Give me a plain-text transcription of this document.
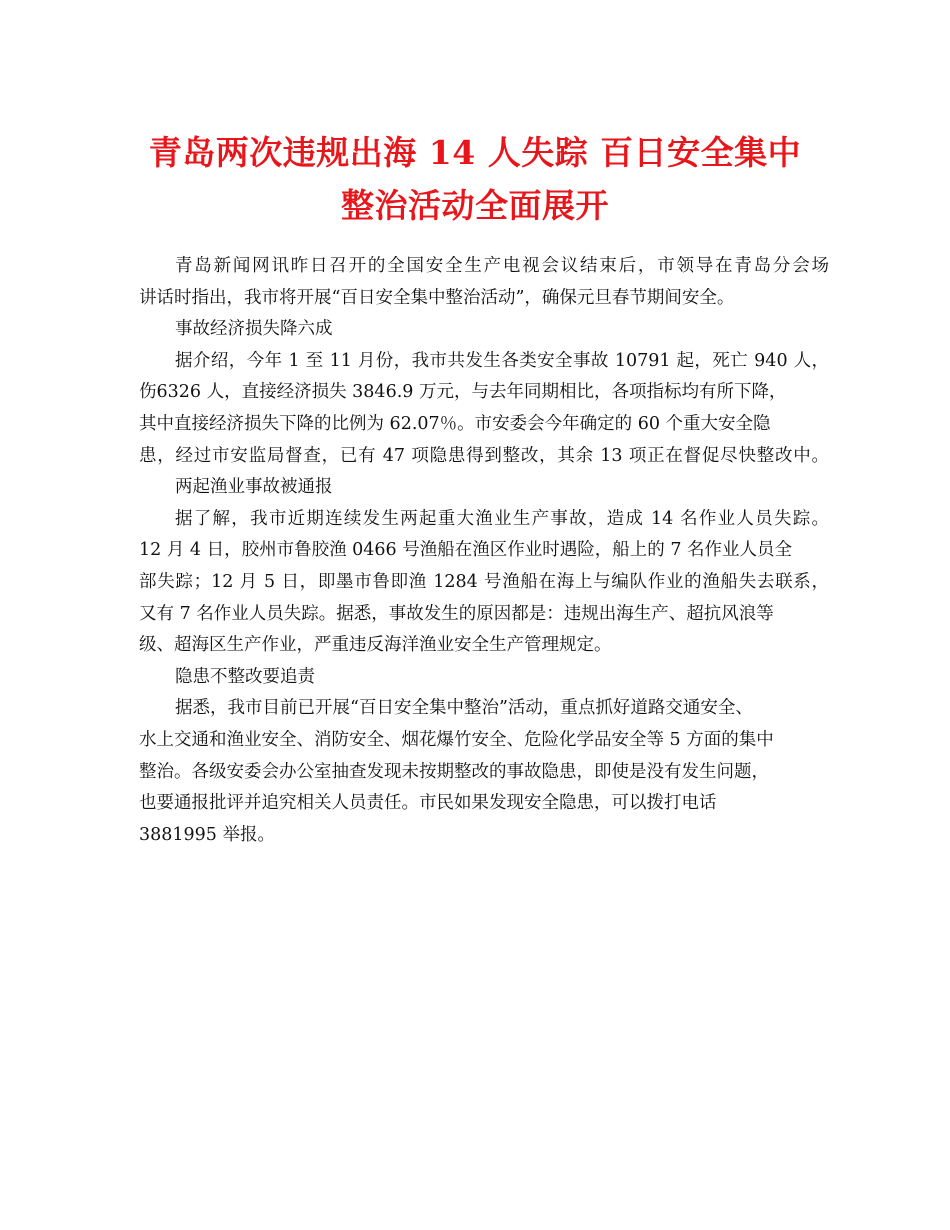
青岛两次违规出海 14 人失踪 百日安全集中
整治活动全面展开
青岛新闻网讯昨日召开的全国安全生产电视会议结束后，市领导在青岛分会场
讲话时指出，我市将开展“百日安全集中整治活动”，确保元旦春节期间安全。
事故经济损失降六成
据介绍，今年 1 至 11 月份，我市共发生各类安全事故 10791 起，死亡 940 人，
伤6326 人，直接经济损失 3846.9 万元，与去年同期相比，各项指标均有所下降，
其中直接经济损失下降的比例为 62.07％。市安委会今年确定的 60 个重大安全隐
患，经过市安监局督查，已有 47 项隐患得到整改，其余 13 项正在督促尽快整改中。
两起渔业事故被通报
据了解，我市近期连续发生两起重大渔业生产事故，造成 14 名作业人员失踪。
12 月 4 日，胶州市鲁胶渔 0466 号渔船在渔区作业时遇险，船上的 7 名作业人员全
部失踪；12 月 5 日，即墨市鲁即渔 1284 号渔船在海上与编队作业的渔船失去联系，
又有 7 名作业人员失踪。据悉，事故发生的原因都是：违规出海生产、超抗风浪等
级、超海区生产作业，严重违反海洋渔业安全生产管理规定。
隐患不整改要追责
据悉，我市目前已开展“百日安全集中整治”活动，重点抓好道路交通安全、
水上交通和渔业安全、消防安全、烟花爆竹安全、危险化学品安全等 5 方面的集中
整治。各级安委会办公室抽查发现未按期整改的事故隐患，即使是没有发生问题，
也要通报批评并追究相关人员责任。市民如果发现安全隐患，可以拨打电话
3881995 举报。
